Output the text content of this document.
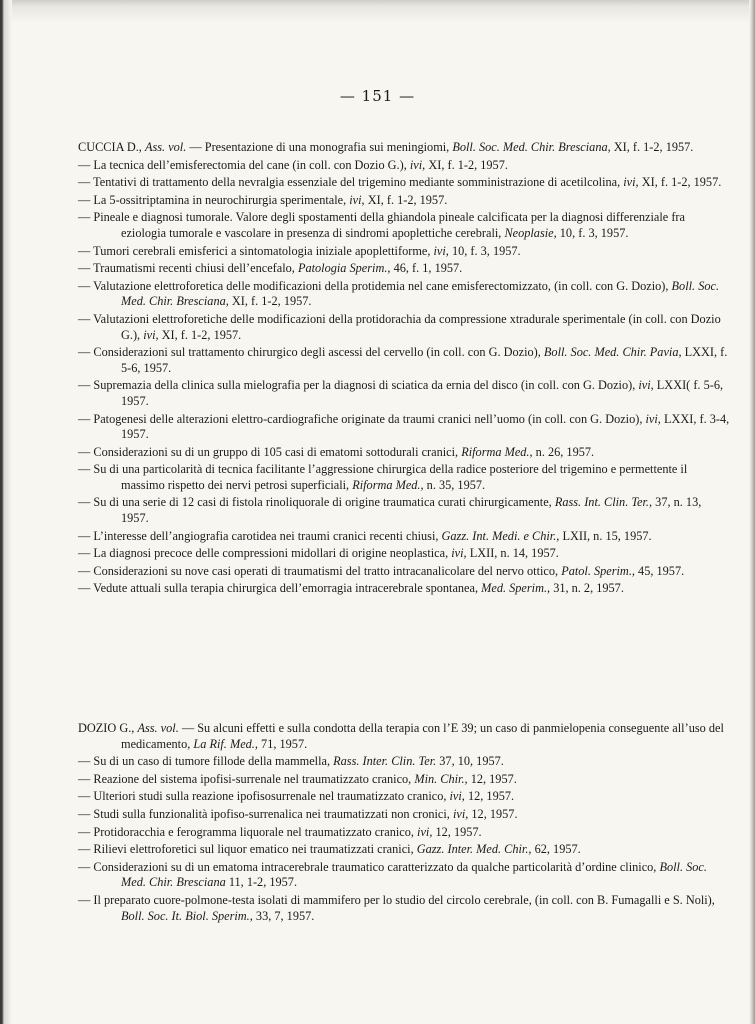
— 151 —
CUCCIA D., Ass. vol. — Presentazione di una monografia sui meningiomi, Boll. Soc. Med. Chir. Bresciana, XI, f. 1-2, 1957.
— La tecnica dell’emisferectomia del cane (in coll. con Dozio G.), ivi, XI, f. 1-2, 1957.
— Tentativi di trattamento della nevralgia essenziale del trigemino mediante somministrazione di acetilcolina, ivi, XI, f. 1-2, 1957.
— La 5-ossitriptamina in neurochirurgia sperimentale, ivi, XI, f. 1-2, 1957.
— Pineale e diagnosi tumorale. Valore degli spostamenti della ghiandola pineale calcificata per la diagnosi differenziale fra eziologia tumorale e vascolare in presenza di sindromi apoplettiche cerebrali, Neoplasie, 10, f. 3, 1957.
— Tumori cerebrali emisferici a sintomatologia iniziale apoplettiforme, ivi, 10, f. 3, 1957.
— Traumatismi recenti chiusi dell’encefalo, Patologia Sperim., 46, f. 1, 1957.
— Valutazione elettroforetica delle modificazioni della protidemia nel cane emisferectomizzato, (in coll. con G. Dozio), Boll. Soc. Med. Chir. Bresciana, XI, f. 1-2, 1957.
— Valutazioni elettroforetiche delle modificazioni della protidorachia da compressione xtradurale sperimentale (in coll. con Dozio G.), ivi, XI, f. 1-2, 1957.
— Considerazioni sul trattamento chirurgico degli ascessi del cervello (in coll. con G. Dozio), Boll. Soc. Med. Chir. Pavia, LXXI, f. 5-6, 1957.
— Supremazia della clinica sulla mielografia per la diagnosi di sciatica da ernia del disco (in coll. con G. Dozio), ivi, LXXI( f. 5-6, 1957.
— Patogenesi delle alterazioni elettro-cardiografiche originate da traumi cranici nell’uomo (in coll. con G. Dozio), ivi, LXXI, f. 3-4, 1957.
— Considerazioni su di un gruppo di 105 casi di ematomi sottodurali cranici, Riforma Med., n. 26, 1957.
— Su di una particolarità di tecnica facilitante l’aggressione chirurgica della radice posteriore del trigemino e permettente il massimo rispetto dei nervi petrosi superficiali, Riforma Med., n. 35, 1957.
— Su di una serie di 12 casi di fistola rinoliquorale di origine traumatica curati chirurgicamente, Rass. Int. Clin. Ter., 37, n. 13, 1957.
— L’interesse dell’angiografia carotidea nei traumi cranici recenti chiusi, Gazz. Int. Medi. e Chir., LXII, n. 15, 1957.
— La diagnosi precoce delle compressioni midollari di origine neoplastica, ivi, LXII, n. 14, 1957.
— Considerazioni su nove casi operati di traumatismi del tratto intracanalicolare del nervo ottico, Patol. Sperim., 45, 1957.
— Vedute attuali sulla terapia chirurgica dell’emorragia intracerebrale spontanea, Med. Sperim., 31, n. 2, 1957.
DOZIO G., Ass. vol. — Su alcuni effetti e sulla condotta della terapia con l’E 39; un caso di panmielopenia conseguente all’uso del medicamento, La Rif. Med., 71, 1957.
— Su di un caso di tumore fillode della mammella, Rass. Inter. Clin. Ter. 37, 10, 1957.
— Reazione del sistema ipofisi-surrenale nel traumatizzato cranico, Min. Chir., 12, 1957.
— Ulteriori studi sulla reazione ipofisosurrenale nel traumatizzato cranico, ivi, 12, 1957.
— Studi sulla funzionalità ipofiso-surrenalica nei traumatizzati non cronici, ivi, 12, 1957.
— Protidoracchia e ferogramma liquorale nel traumatizzato cranico, ivi, 12, 1957.
— Rilievi elettroforetici sul liquor ematico nei traumatizzati cranici, Gazz. Inter. Med. Chir., 62, 1957.
— Considerazioni su di un ematoma intracerebrale traumatico caratterizzato da qualche particolarità d’ordine clinico, Boll. Soc. Med. Chir. Bresciana 11, 1-2, 1957.
— Il preparato cuore-polmone-testa isolati di mammifero per lo studio del circolo cerebrale, (in coll. con B. Fumagalli e S. Noli), Boll. Soc. It. Biol. Sperim., 33, 7, 1957.
